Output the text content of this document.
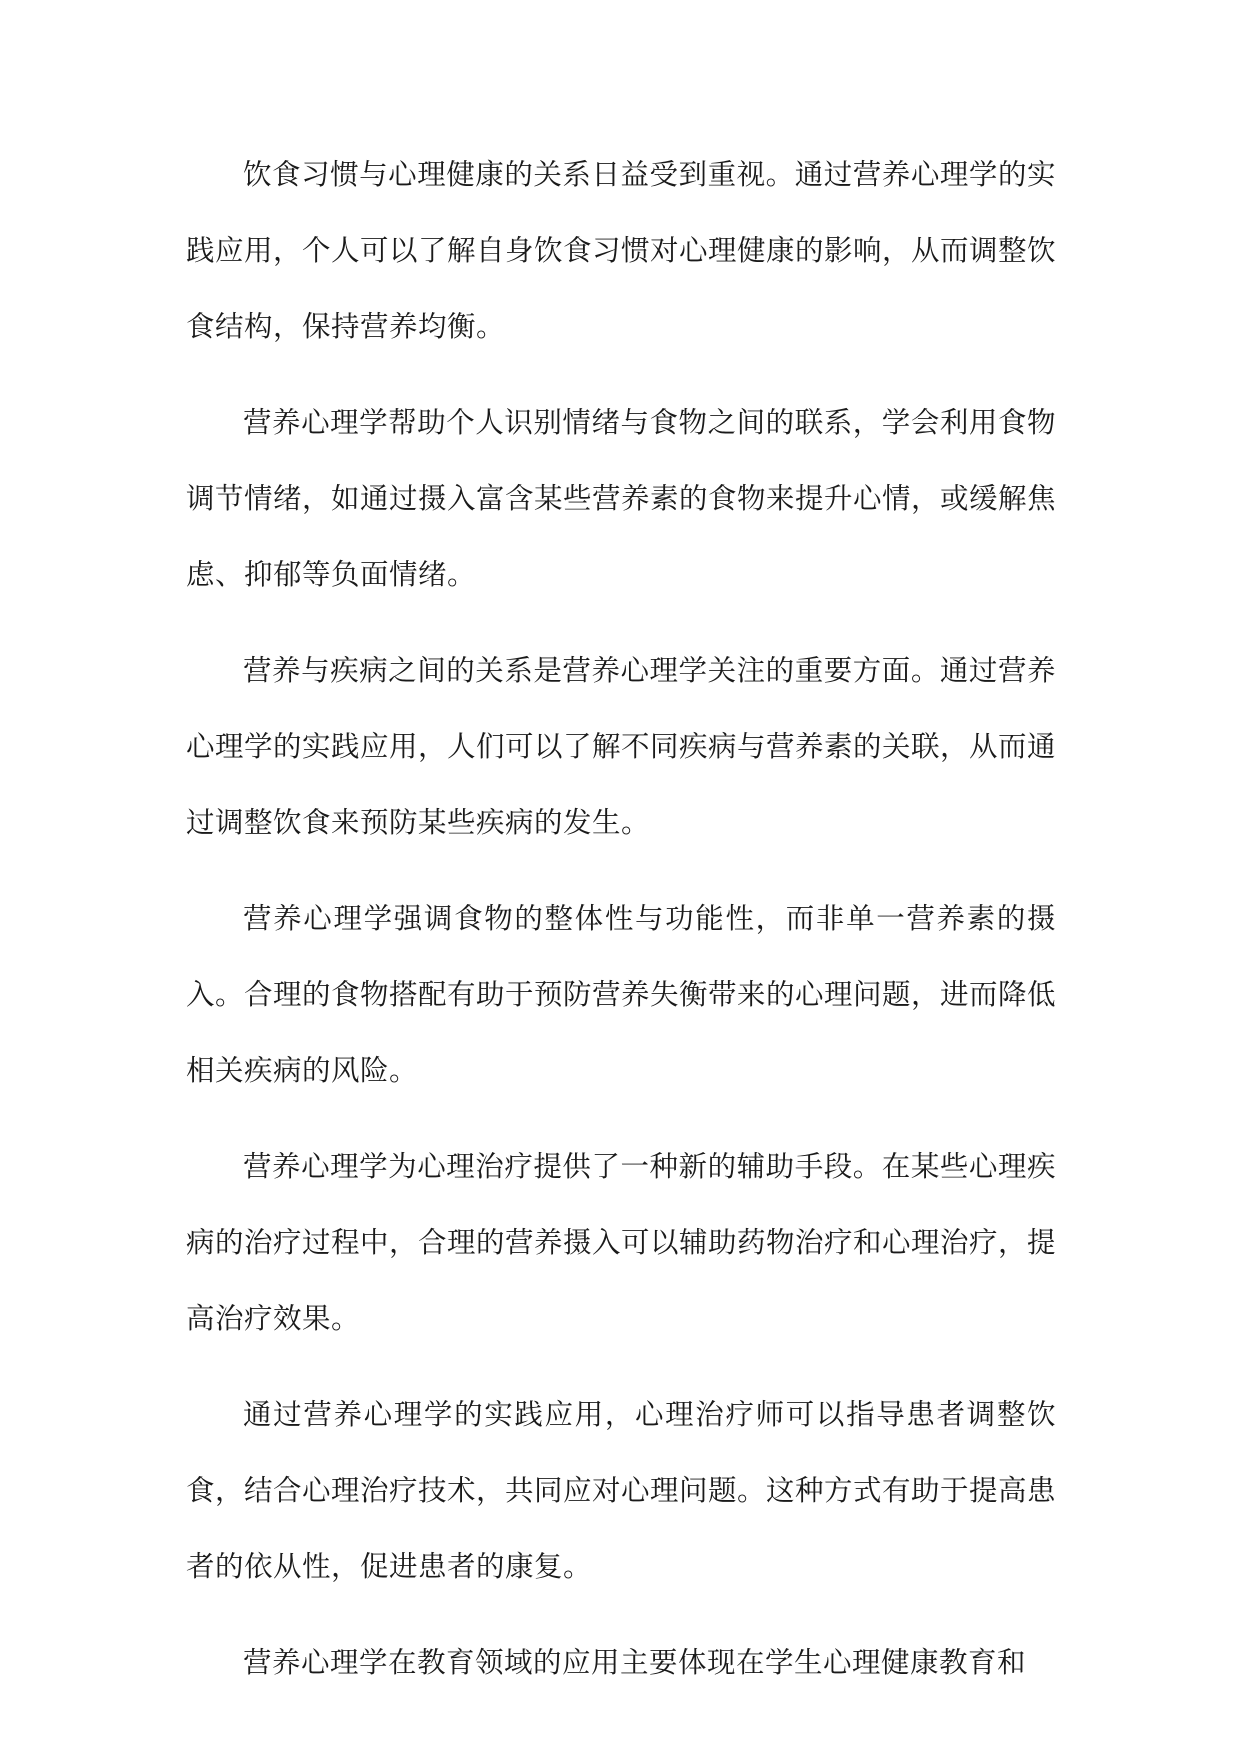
饮食习惯与心理健康的关系日益受到重视。通过营养心理学的实践应用，个人可以了解自身饮食习惯对心理健康的影响，从而调整饮食结构，保持营养均衡。

营养心理学帮助个人识别情绪与食物之间的联系，学会利用食物调节情绪，如通过摄入富含某些营养素的食物来提升心情，或缓解焦虑、抑郁等负面情绪。

营养与疾病之间的关系是营养心理学关注的重要方面。通过营养心理学的实践应用，人们可以了解不同疾病与营养素的关联，从而通过调整饮食来预防某些疾病的发生。

营养心理学强调食物的整体性与功能性，而非单一营养素的摄入。合理的食物搭配有助于预防营养失衡带来的心理问题，进而降低相关疾病的风险。

营养心理学为心理治疗提供了一种新的辅助手段。在某些心理疾病的治疗过程中，合理的营养摄入可以辅助药物治疗和心理治疗，提高治疗效果。

通过营养心理学的实践应用，心理治疗师可以指导患者调整饮食，结合心理治疗技术，共同应对心理问题。这种方式有助于提高患者的依从性，促进患者的康复。

营养心理学在教育领域的应用主要体现在学生心理健康教育和
